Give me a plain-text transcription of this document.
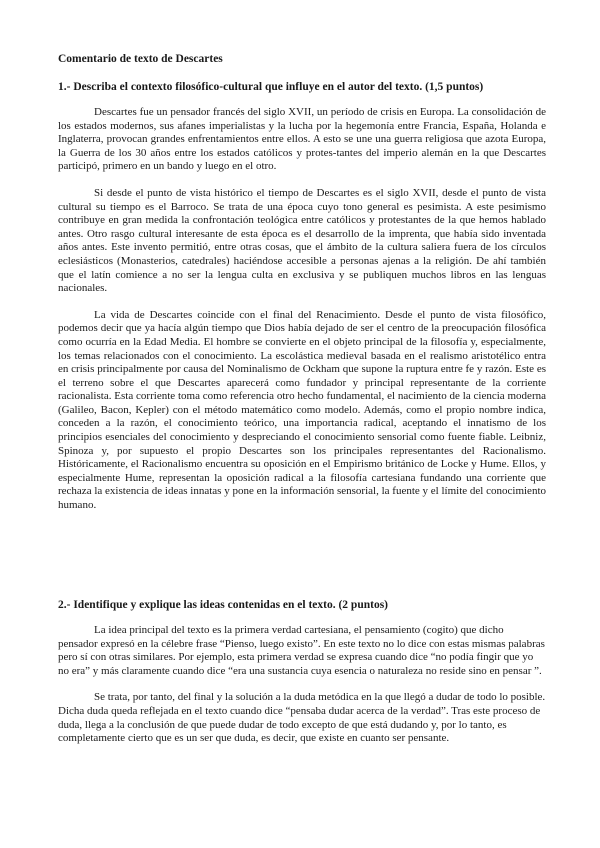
Comentario de texto de Descartes
1.- Describa el contexto filosófico-cultural que influye en el autor del texto. (1,5 puntos)

Descartes fue un pensador francés del siglo XVII, un período de crisis en Europa. La consolidación de los estados modernos, sus afanes imperialistas y la lucha por la hegemonía entre Francia, España, Holanda e Inglaterra, provocan grandes enfrentamientos entre ellos. A esto se une una guerra religiosa que azota Europa, la Guerra de los 30 años entre los estados católicos y protes-tantes del imperio alemán en la que Descartes participó, primero en un bando y luego en el otro.

Si desde el punto de vista histórico el tiempo de Descartes es el siglo XVII, desde el punto de vista cultural su tiempo es el Barroco. Se trata de una época cuyo tono general es pesimista. A este pesimismo contribuye en gran medida la confrontación teológica entre católicos y protestantes de la que hemos hablado antes. Otro rasgo cultural interesante de esta época es el desarrollo de la imprenta, que había sido inventada años antes. Este invento permitió, entre otras cosas, que el ámbito de la cultura saliera fuera de los círculos eclesiásticos (Monasterios, catedrales) haciéndose accesible a personas ajenas a la religión. De ahí también que el latín comience a no ser la lengua culta en exclusiva y se publiquen muchos libros en las lenguas nacionales.

La vida de Descartes coincide con el final del Renacimiento. Desde el punto de vista filosófico, podemos decir que ya hacía algún tiempo que Dios había dejado de ser el centro de la preocupación filosófica como ocurría en la Edad Media. El hombre se convierte en el objeto principal de la filosofía y, especialmente, los temas relacionados con el conocimiento. La escolástica medieval basada en el realismo aristotélico entra en crisis principalmente por causa del Nominalismo de Ockham que supone la ruptura entre fe y razón. Este es el terreno sobre el que Descartes aparecerá como fundador y principal representante de la corriente racionalista. Esta corriente toma como referencia otro hecho fundamental, el nacimiento de la ciencia moderna (Galileo, Bacon, Kepler) con el método matemático como modelo. Además, como el propio nombre indica, conceden a la razón, el conocimiento teórico, una importancia radical, aceptando el innatismo de los principios esenciales del conocimiento y despreciando el conocimiento sensorial como fuente fiable. Leibniz, Spinoza y, por supuesto el propio Descartes son los principales representantes del Racionalismo. Históricamente, el Racionalismo encuentra su oposición en el Empirismo británico de Locke y Hume. Ellos, y especialmente Hume, representan la oposición radical a la filosofía cartesiana fundando una corriente que rechaza la existencia de ideas innatas y pone en la información sensorial, la fuente y el límite del conocimiento humano.

2.- Identifique y explique las ideas contenidas en el texto. (2 puntos)

La idea principal del texto es la primera verdad cartesiana, el pensamiento (cogito) que dicho pensador expresó en la célebre frase “Pienso, luego existo”. En este texto no lo dice con estas mismas palabras pero sí con otras similares. Por ejemplo, esta primera verdad se expresa cuando dice “no podía fingir que yo no era” y más claramente cuando dice “era una sustancia cuya esencia o naturaleza no reside sino en pensar ”.

Se trata, por tanto, del final y la solución a la duda metódica en la que llegó a dudar de todo lo posible. Dicha duda queda reflejada en el texto cuando dice “pensaba dudar acerca de la verdad”. Tras este proceso de duda, llega a la conclusión de que puede dudar de todo excepto de que está dudando y, por lo tanto, es completamente cierto que es un ser que duda, es decir, que existe en cuanto ser pensante.
